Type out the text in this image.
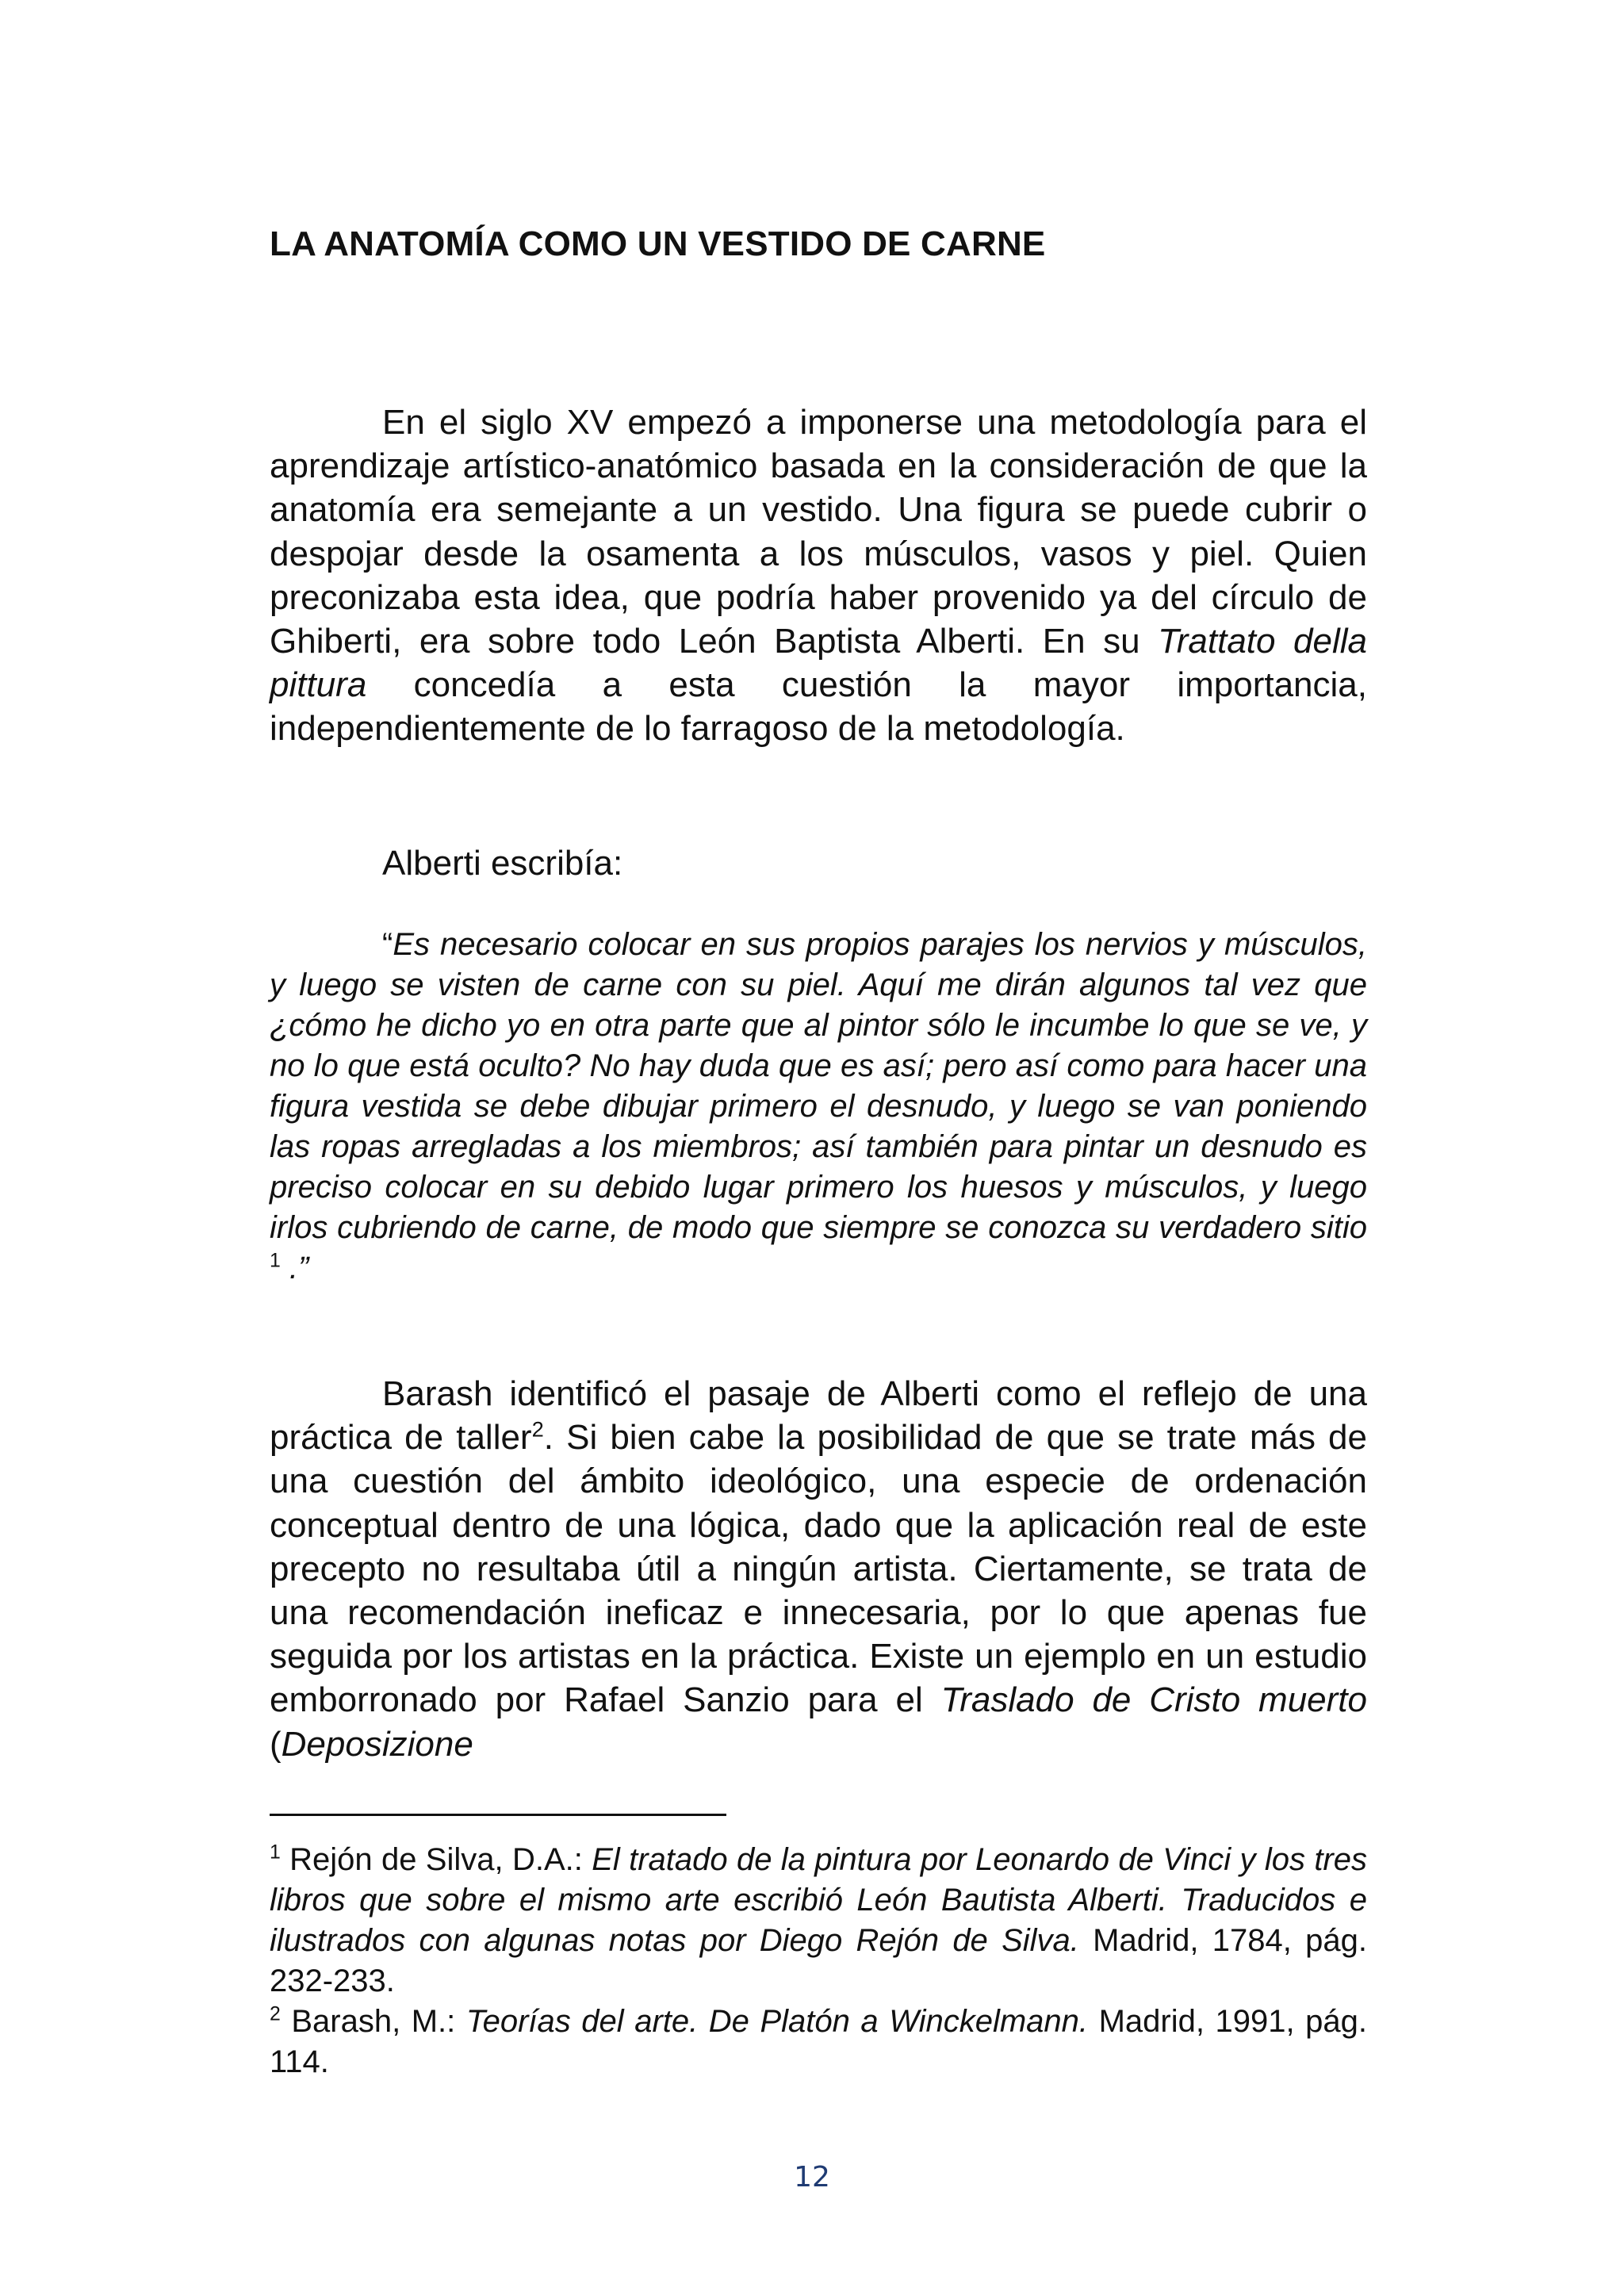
LA ANATOMÍA COMO UN VESTIDO DE CARNE

En el siglo XV empezó a imponerse una metodología para el aprendizaje artístico-anatómico basada en la consideración de que la anatomía era semejante a un vestido. Una figura se puede cubrir o despojar desde la osamenta a los músculos, vasos y piel. Quien preconizaba esta idea, que podría haber provenido ya del círculo de Ghiberti, era sobre todo León Baptista Alberti. En su Trattato della pittura concedía a esta cuestión la mayor importancia, independientemente de lo farragoso de la metodología.

Alberti escribía:

“Es necesario colocar en sus propios parajes los nervios y músculos, y luego se visten de carne con su piel. Aquí me dirán algunos tal vez que ¿cómo he dicho yo en otra parte que al pintor sólo le incumbe lo que se ve, y no lo que está oculto? No hay duda que es así; pero así como para hacer una figura vestida se debe dibujar primero el desnudo, y luego se van poniendo las ropas arregladas a los miembros; así también para pintar un desnudo es preciso colocar en su debido lugar primero los huesos y músculos, y luego irlos cubriendo de carne, de modo que siempre se conozca su verdadero sitio $^1$ .”

Barash identificó el pasaje de Alberti como el reflejo de una práctica de taller$^2$. Si bien cabe la posibilidad de que se trate más de una cuestión del ámbito ideológico, una especie de ordenación conceptual dentro de una lógica, dado que la aplicación real de este precepto no resultaba útil a ningún artista. Ciertamente, se trata de una recomendación ineficaz e innecesaria, por lo que apenas fue seguida por los artistas en la práctica. Existe un ejemplo en un estudio emborronado por Rafael Sanzio para el Traslado de Cristo muerto (Deposizione

$^1$ Rejón de Silva, D.A.: El tratado de la pintura por Leonardo de Vinci y los tres libros que sobre el mismo arte escribió León Bautista Alberti. Traducidos e ilustrados con algunas notas por Diego Rejón de Silva. Madrid, 1784, pág. 232-233.

$^2$ Barash, M.: Teorías del arte. De Platón a Winckelmann. Madrid, 1991, pág. 114.

12
